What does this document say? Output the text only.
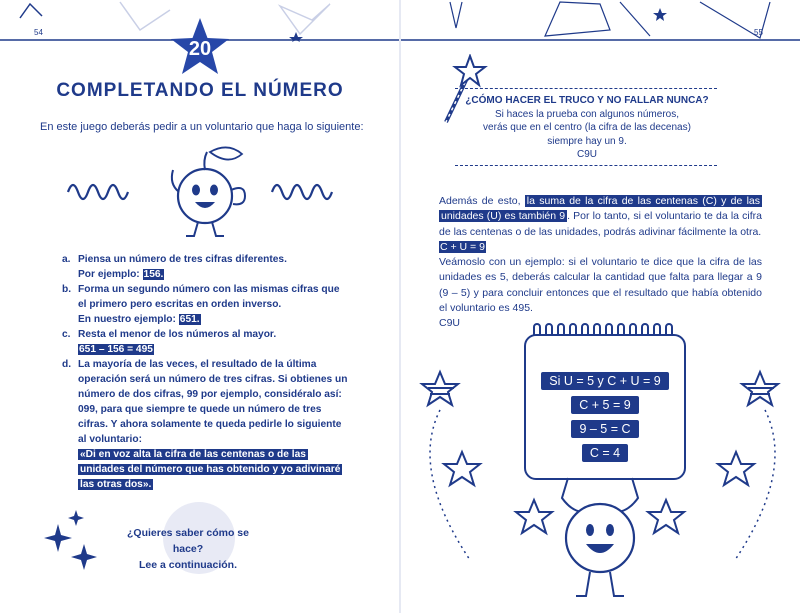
54	55
20
COMPLETANDO EL NÚMERO
En este juego deberás pedir a un voluntario que haga lo siguiente:
a. Piensa un número de tres cifras diferentes.
Por ejemplo: 156.
b. Forma un segundo número con las mismas cifras que el primero pero escritas en orden inverso.
En nuestro ejemplo: 651.
c. Resta el menor de los números al mayor.
651 – 156 = 495
d. La mayoría de las veces, el resultado de la última operación será un número de tres cifras. Si obtienes un número de dos cifras, 99 por ejemplo, considéralo así: 099, para que siempre te quede un número de tres cifras. Y ahora solamente te queda pedirle lo siguiente al voluntario:
«Di en voz alta la cifra de las centenas o de las unidades del número que has obtenido y yo adivinaré las otras dos».
¿Quieres saber cómo se hace?
Lee a continuación.
¿CÓMO HACER EL TRUCO Y NO FALLAR NUNCA?
Si haces la prueba con algunos números,
verás que en el centro (la cifra de las decenas)
siempre hay un 9.
C9U

Además de esto, la suma de la cifra de las centenas (C) y de las unidades (U) es también 9 . Por lo tanto, si el voluntario te da la cifra de las centenas o de las unidades, podrás adivinar fácilmente la otra.

C + U = 9

Veámoslo con un ejemplo: si el voluntario te dice que la cifra de las unidades es 5, deberás calcular la cantidad que falta para llegar a 9 (9 – 5) y para concluir entonces que el resultado que había obtenido el voluntario es 495.

C9U

Si U = 5 y C + U = 9
C + 5 = 9
9 – 5 = C
C = 4
